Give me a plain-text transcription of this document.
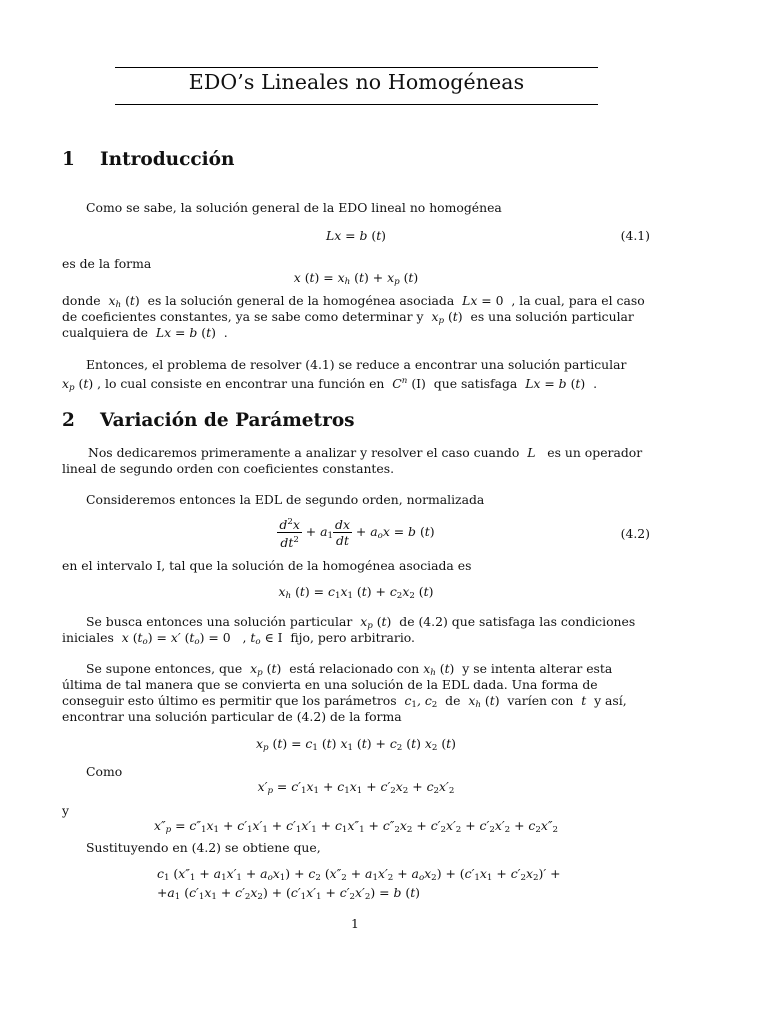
EDO’s Lineales no Homogéneas
1 Introducción
Como se sabe, la solución general de la EDO lineal no homogénea
Lx = b (t)	(4.1)
es de la forma
x $(t) = x_h$ $(t) + x_p$ (t)
donde $x_h$ (t) es la solución general de la homogénea asociada Lx = 0 , la cual, para el caso
de coeficientes constantes, ya se sabe como determinar y $x_p$ (t) es una solución particular
cualquiera de Lx = b (t)  .
Entonces, el problema de resolver (4.1) se reduce a encontrar una solución particular
$x_p$ (t) , lo cual consiste en encontrar una función en $C^n$ (I) que satisfaga Lx = b (t)  .
2 Variación de Parámetros
Nos dedicaremos primeramente a analizar y resolver el caso cuando L es un operador
lineal de segundo orden con coeficientes constantes.
Consideremos entonces la EDL de segundo orden, normalizada
$\frac{d^2x}{dt^2} + a_1 \frac{dx}{dt} + a_ox = b$ (t)	(4.2)
en el intervalo I, tal que la solución de la homogénea asociada es
$x_h$ $(t) = c_1x_1$ $(t) + c_2x_2$ (t)
Se busca entonces una solución particular $x_p$ (t) de (4.2) que satisfaga las condiciones
iniciales x $(t_o) = x'$ $(t_o) = 0$   , $t_o$ ∈ I fijo, pero arbitrario.
Se supone entonces, que $x_p$ (t) está relacionado con $x_h$ (t) y se intenta alterar esta
última de tal manera que se convierta en una solución de la EDL dada. Una forma de
conseguir esto último es permitir que los parámetros $c_1$, $c_2$ de $x_h$ (t) varíen con t y así,
encontrar una solución particular de (4.2) de la forma
$x_p$ $(t) = c_1$ (t) $x_1$ $(t) + c_2$ (t) $x_2$ (t)
Como
$x'_p = c'_1x_1 + c_1x_1 + c'_2x_2 + c_2x'_2$
y
$x''_p = c''_1x_1 + c'_1x'_1 + c'_1x'_1 + c_1x''_1 + c''_2x_2 + c'_2x'_2 + c'_2x'_2 + c_2x''_2$
Sustituyendo en (4.2) se obtiene que,
$c_1$ $(x''_1 + a_1x'_1 + a_ox_1) + c_2$ $(x''_2 + a_1x'_2 + a_ox_2) + (c'_1x_1 + c'_2x_2)'$ +
$+a_1$ $(c'_1x_1 + c'_2x_2) + (c'_1x'_1 + c'_2x'_2) = b$ (t)
1
